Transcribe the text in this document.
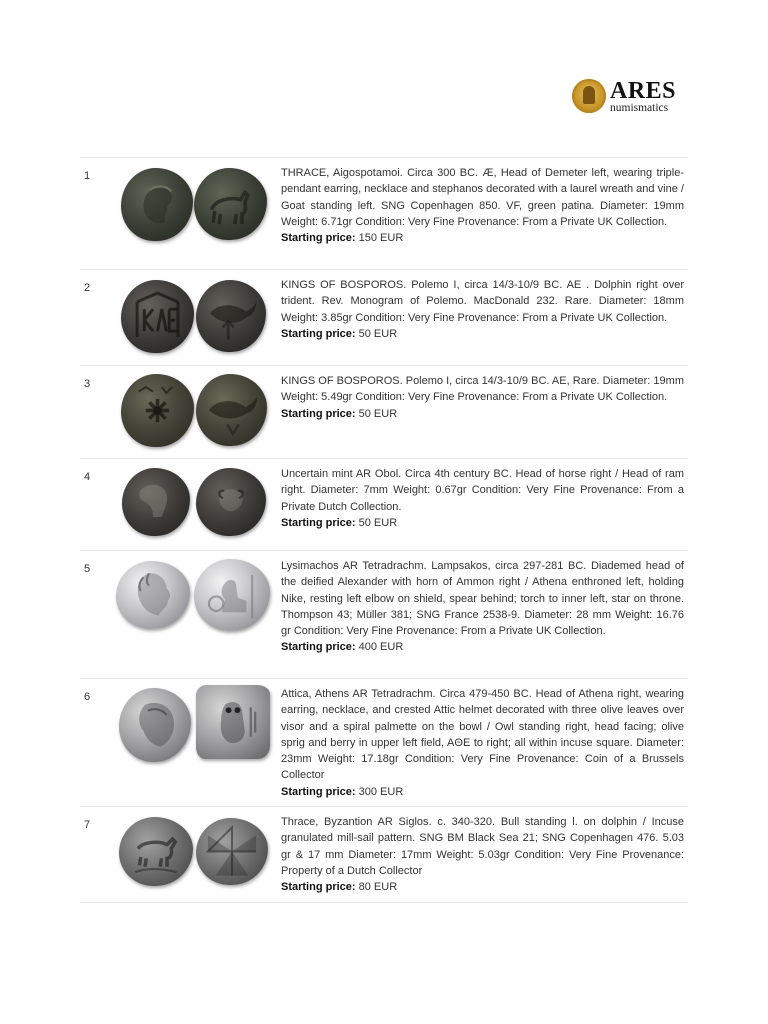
ARES
numismatics
1	THRACE, Aigospotamoi. Circa 300 BC. Æ, Head of Demeter left, wearing triple-pendant earring, necklace and stephanos decorated with a laurel wreath and vine / Goat standing left. SNG Copenhagen 850. VF, green patina. Diameter: 19mm Weight: 6.71gr Condition: Very Fine Provenance: From a Private UK Collection.

Starting price: 150 EUR

2	KINGS OF BOSPOROS. Polemo I, circa 14/3-10/9 BC. AE . Dolphin right over trident. Rev. Monogram of Polemo. MacDonald 232. Rare. Diameter: 18mm Weight: 3.85gr Condition: Very Fine Provenance: From a Private UK Collection.

Starting price: 50 EUR

3	KINGS OF BOSPOROS. Polemo I, circa 14/3-10/9 BC. AE, Rare. Diameter: 19mm Weight: 5.49gr Condition: Very Fine Provenance: From a Private UK Collection.

Starting price: 50 EUR

4	Uncertain mint AR Obol. Circa 4th century BC. Head of horse right / Head of ram right. Diameter: 7mm Weight: 0.67gr Condition: Very Fine Provenance: From a Private Dutch Collection.

Starting price: 50 EUR

5	Lysimachos AR Tetradrachm. Lampsakos, circa 297-281 BC. Diademed head of the deified Alexander with horn of Ammon right / Athena enthroned left, holding Nike, resting left elbow on shield, spear behind; torch to inner left, star on throne. Thompson 43; Müller 381; SNG France 2538-9. Diameter: 28 mm Weight: 16.76 gr Condition: Very Fine Provenance: From a Private UK Collection.

Starting price: 400 EUR

6	Attica, Athens AR Tetradrachm. Circa 479-450 BC. Head of Athena right, wearing earring, necklace, and crested Attic helmet decorated with three olive leaves over visor and a spiral palmette on the bowl / Owl standing right, head facing; olive sprig and berry in upper left field, AΘE to right; all within incuse square. Diameter: 23mm Weight: 17.18gr Condition: Very Fine Provenance: Coin of a Brussels Collector

Starting price: 300 EUR

7	Thrace, Byzantion AR Siglos. c. 340-320. Bull standing l. on dolphin / Incuse granulated mill-sail pattern. SNG BM Black Sea 21; SNG Copenhagen 476. 5.03 gr & 17 mm Diameter: 17mm Weight: 5.03gr Condition: Very Fine Provenance: Property of a Dutch Collector

Starting price: 80 EUR
